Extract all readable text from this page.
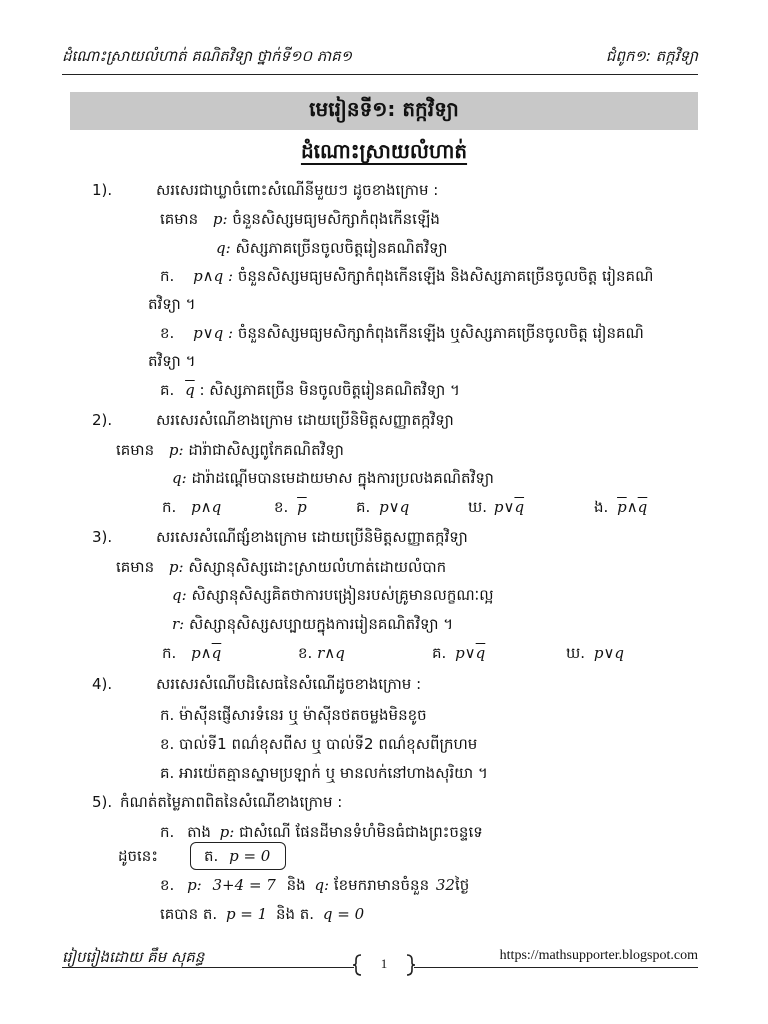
ដំណោះស្រាយលំហាត់ គណិតវិទ្យា ថ្នាក់ទី១០ ភាគ១	ជំពូក១: តក្កវិទ្យា
មេរៀនទី១: តក្កវិទ្យា
ដំណោះស្រាយលំហាត់
1).	សរសេរជាឃ្លាចំពោះសំណើនីមួយៗ ដូចខាងក្រោម :
គេមាន p: ចំនួនសិស្សមធ្យមសិក្សាកំពុងកើនឡើង
q: សិស្សភាគច្រើនចូលចិត្តរៀនគណិតវិទ្យា
ក. p∧q : ចំនួនសិស្សមធ្យមសិក្សាកំពុងកើនឡើង និងសិស្សភាគច្រើនចូលចិត្ត រៀនគណិ
តវិទ្យា ។
ខ. p∨q : ចំនួនសិស្សមធ្យមសិក្សាកំពុងកើនឡើង ឬសិស្សភាគច្រើនចូលចិត្ត រៀនគណិ
តវិទ្យា ។
គ. $\overline{q}$ : សិស្សភាគច្រើន មិនចូលចិត្តរៀនគណិតវិទ្យា ។
2).	សរសេរសំណើខាងក្រោម ដោយប្រើនិមិត្តសញ្ញាតក្កវិទ្យា
គេមាន p: ដារ៉ាជាសិស្សពូកែគណិតវិទ្យា
q: ដារ៉ាដណ្តើមបានមេដាយមាស ក្នុងការប្រលងគណិតវិទ្យា
ក. p∧q	ខ. $\overline{p}$	គ. p∨q	ឃ. $p\vee\overline{q}$	ង. $\overline{p}\wedge\overline{q}$
3).	សរសេរសំណើផ្សំខាងក្រោម ដោយប្រើនិមិត្តសញ្ញាតក្កវិទ្យា
គេមាន p: សិស្សានុសិស្សដោះស្រាយលំហាត់ដោយលំបាក
q: សិស្សានុសិស្សគិតថាការបង្រៀនរបស់គ្រូមានលក្ខណៈល្អ
r: សិស្សានុសិស្សសប្បាយក្នុងការរៀនគណិតវិទ្យា ។
ក. $p\wedge\overline{q}$	ខ. r∧q	គ. $p\vee\overline{q}$	ឃ. p∨q
4).	សរសេរសំណើបដិសេធនៃសំណើដូចខាងក្រោម :
ក. ម៉ាស៊ីនផ្ញើសារទំនេរ ឬ ម៉ាស៊ីនថតចម្លងមិនខូច
ខ. បាល់ទី1 ពណ៌ខុសពីស ឬ បាល់ទី2 ពណ៌ខុសពីក្រហម
គ. អារយ៉េតគ្មានស្នាមប្រឡាក់ ឬ មានលក់នៅហាងសុរិយា ។
5). កំណត់តម្លៃភាពពិតនៃសំណើខាងក្រោម :
ក. តាង p: ជាសំណើ ផែនដីមានទំហំមិនធំជាងព្រះចន្ទទេ
ដូចនេះ	ត. p = 0
ខ. p: 3+4 = 7 និង q: ខែមករាមានចំនួន 32ថ្ងៃ
គេបាន ត. p = 1 និង ត. q = 0
រៀបរៀងដោយ គឹម សុគន្ធ	1
https://mathsupporter.blogspot.com
